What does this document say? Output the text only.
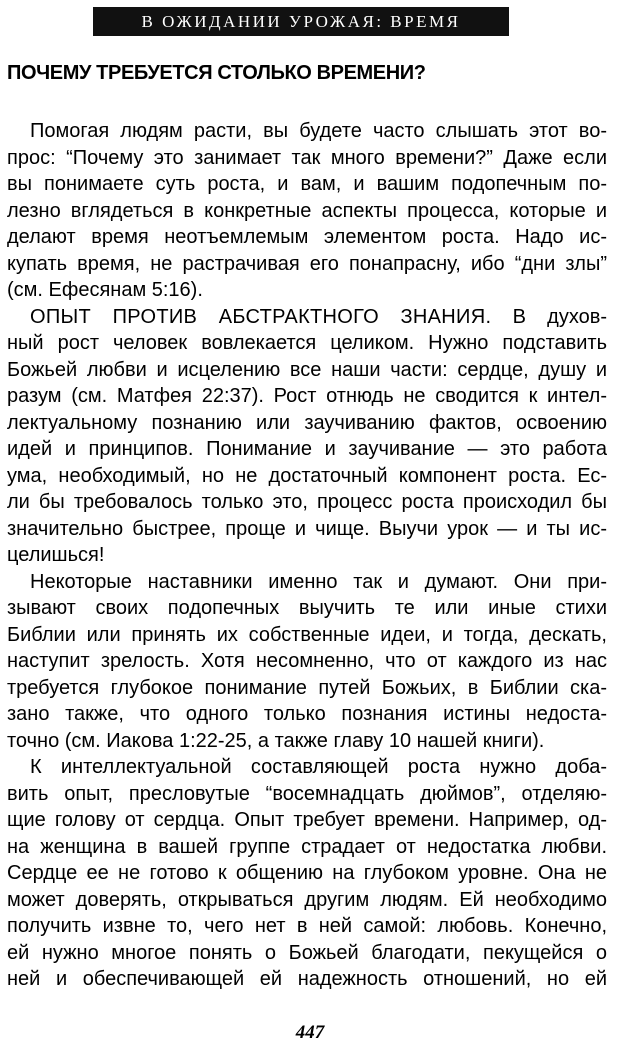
В ОЖИДАНИИ УРОЖАЯ: ВРЕМЯ
ПОЧЕМУ ТРЕБУЕТСЯ СТОЛЬКО ВРЕМЕНИ?
Помогая людям расти, вы будете часто слышать этот во-
прос: “Почему это занимает так много времени?” Даже если
вы понимаете суть роста, и вам, и вашим подопечным по-
лезно вглядеться в конкретные аспекты процесса, которые и
делают время неотъемлемым элементом роста. Надо ис-
купать время, не растрачивая его понапрасну, ибо “дни злы”
(см. Ефесянам 5:16).
ОПЫТ ПРОТИВ АБСТРАКТНОГО ЗНАНИЯ. В духов-
ный рост человек вовлекается целиком. Нужно подставить
Божьей любви и исцелению все наши части: сердце, душу и
разум (см. Матфея 22:37). Рост отнюдь не сводится к интел-
лектуальному познанию или заучиванию фактов, освоению
идей и принципов. Понимание и заучивание — это работа
ума, необходимый, но не достаточный компонент роста. Ес-
ли бы требовалось только это, процесс роста происходил бы
значительно быстрее, проще и чище. Выучи урок — и ты ис-
целишься!
Некоторые наставники именно так и думают. Они при-
зывают своих подопечных выучить те или иные стихи
Библии или принять их собственные идеи, и тогда, дескать,
наступит зрелость. Хотя несомненно, что от каждого из нас
требуется глубокое понимание путей Божьих, в Библии ска-
зано также, что одного только познания истины недоста-
точно (см. Иакова 1:22-25, а также главу 10 нашей книги).
К интеллектуальной составляющей роста нужно доба-
вить опыт, пресловутые “восемнадцать дюймов”, отделяю-
щие голову от сердца. Опыт требует времени. Например, од-
на женщина в вашей группе страдает от недостатка любви.
Сердце ее не готово к общению на глубоком уровне. Она не
может доверять, открываться другим людям. Ей необходимо
получить извне то, чего нет в ней самой: любовь. Конечно,
ей нужно многое понять о Божьей благодати, пекущейся о
ней и обеспечивающей ей надежность отношений, но ей
447
